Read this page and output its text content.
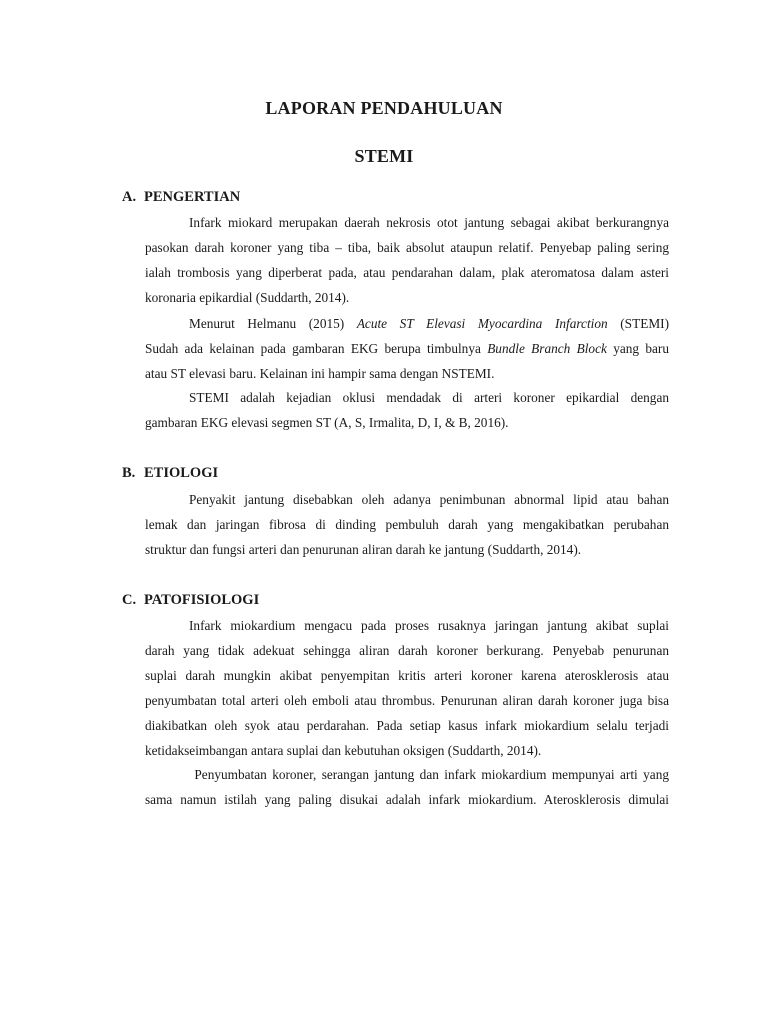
LAPORAN PENDAHULUAN
STEMI
A. PENGERTIAN
Infark miokard merupakan daerah nekrosis otot jantung sebagai akibat berkurangnya
pasokan darah koroner yang tiba – tiba, baik absolut ataupun relatif. Penyebap paling sering
ialah trombosis yang diperberat pada, atau pendarahan dalam, plak ateromatosa dalam asteri
koronaria epikardial (Suddarth, 2014).
Menurut Helmanu (2015) Acute ST Elevasi Myocardina Infarction (STEMI)
Sudah ada kelainan pada gambaran EKG berupa timbulnya Bundle Branch Block yang baru
atau ST elevasi baru. Kelainan ini hampir sama dengan NSTEMI.
STEMI adalah kejadian oklusi mendadak di arteri koroner epikardial dengan
gambaran EKG elevasi segmen ST (A, S, Irmalita, D, I, & B, 2016).
B. ETIOLOGI
Penyakit jantung disebabkan oleh adanya penimbunan abnormal lipid atau bahan
lemak dan jaringan fibrosa di dinding pembuluh darah yang mengakibatkan perubahan
struktur dan fungsi arteri dan penurunan aliran darah ke jantung (Suddarth, 2014).
C. PATOFISIOLOGI
Infark miokardium mengacu pada proses rusaknya jaringan jantung akibat suplai
darah yang tidak adekuat sehingga aliran darah koroner berkurang. Penyebab penurunan
suplai darah mungkin akibat penyempitan kritis arteri koroner karena aterosklerosis atau
penyumbatan total arteri oleh emboli atau thrombus. Penurunan aliran darah koroner juga bisa
diakibatkan oleh syok atau perdarahan. Pada setiap kasus infark miokardium selalu terjadi
ketidakseimbangan antara suplai dan kebutuhan oksigen (Suddarth, 2014).
Penyumbatan koroner, serangan jantung dan infark miokardium mempunyai arti yang
sama namun istilah yang paling disukai adalah infark miokardium. Aterosklerosis dimulai
